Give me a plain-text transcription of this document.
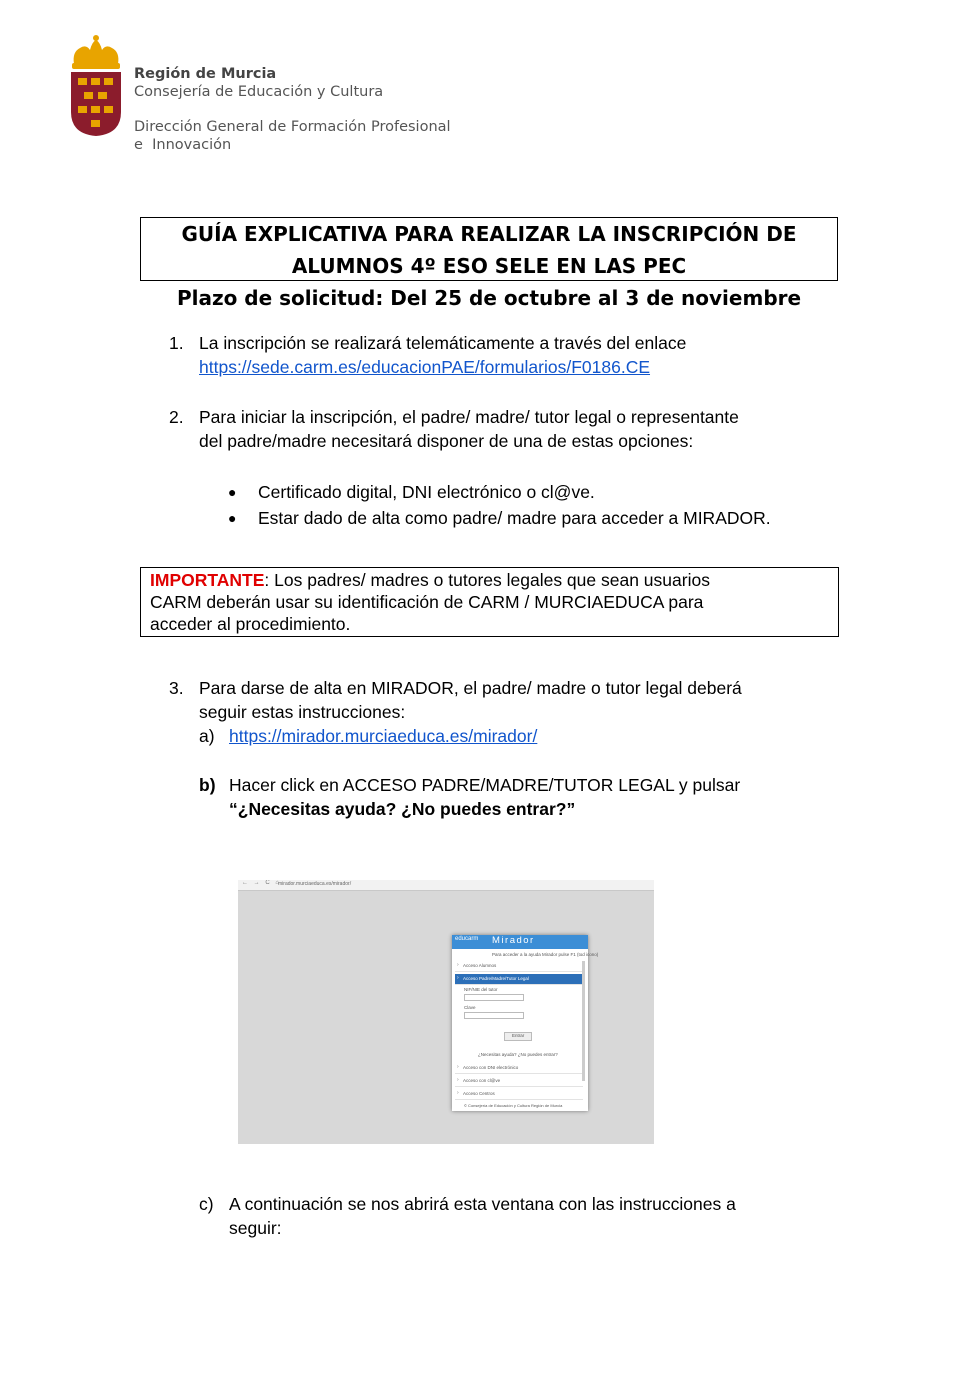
Región de Murcia
Consejería de Educación y Cultura
Dirección General de Formación Profesional
e  Innovación
GUÍA EXPLICATIVA PARA REALIZAR LA INSCRIPCIÓN DE
ALUMNOS 4º ESO SELE EN LAS PEC
Plazo de solicitud: Del 25 de octubre al 3 de noviembre
1. La inscripción se realizará telemáticamente a través del enlace
https://sede.carm.es/educacionPAE/formularios/F0186.CE
2. Para iniciar la inscripción, el padre/ madre/ tutor legal o representante
del padre/madre necesitará disponer de una de estas opciones:
● Certificado digital, DNI electrónico o cl@ve.
● Estar dado de alta como padre/ madre para acceder a MIRADOR.
IMPORTANTE: Los padres/ madres o tutores legales que sean usuarios
CARM deberán usar su identificación de CARM / MURCIAEDUCA para
acceder al procedimiento.
3. Para darse de alta en MIRADOR, el padre/ madre o tutor legal deberá
seguir estas instrucciones:
a) https://mirador.murciaeduca.es/mirador/
b) Hacer click en ACCESO PADRE/MADRE/TUTOR LEGAL y pulsar
“¿Necesitas ayuda? ¿No puedes entrar?”
← → C ⌂
mirador.murciaeduca.es/mirador/
educarm Mirador
Para acceder a la ayuda Mirador pulse F1 (tod icono)
› Acceso Alumnos
› Acceso Padre/Madre/Tutor Legal
NIF/NIE del tutor
Clave
Entrar
¿Necesitas ayuda? ¿No puedes entrar?
› Acceso con DNI electrónico
› Acceso con cl@ve
› Acceso Centros
© Consejería de Educación y Cultura Región de Murcia
c) A continuación se nos abrirá esta ventana con las instrucciones a
seguir:
